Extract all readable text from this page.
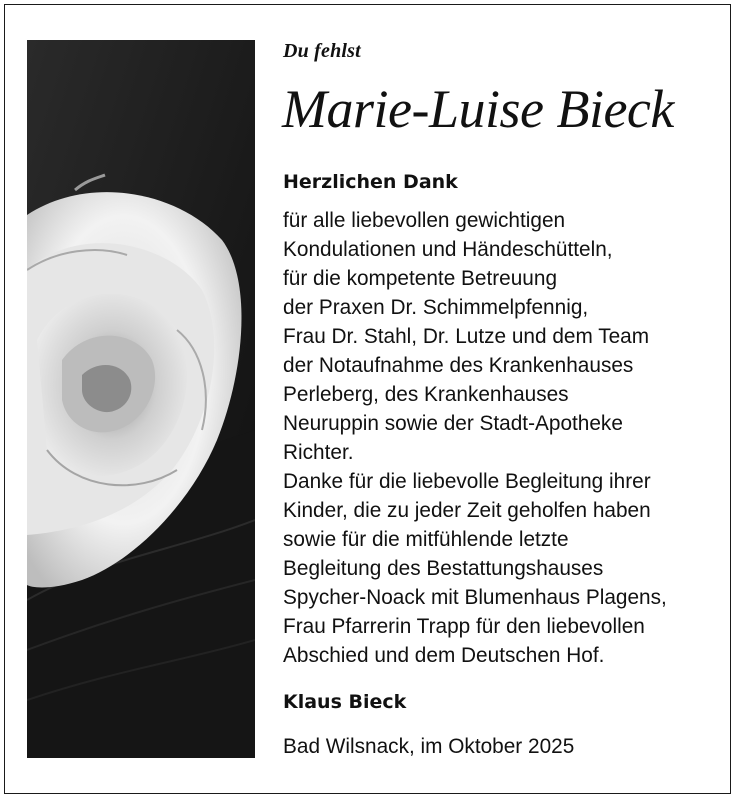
Du fehlst
Marie-Luise Bieck
Herzlichen Dank
für alle liebevollen gewichtigen
Kondulationen und Händeschütteln,
für die kompetente Betreuung
der Praxen Dr. Schimmelpfennig,
Frau Dr. Stahl, Dr. Lutze und dem Team
der Notaufnahme des Krankenhauses
Perleberg, des Krankenhauses
Neuruppin sowie der Stadt-Apotheke
Richter.
Danke für die liebevolle Begleitung ihrer
Kinder, die zu jeder Zeit geholfen haben
sowie für die mitfühlende letzte
Begleitung des Bestattungshauses
Spycher-Noack mit Blumenhaus Plagens,
Frau Pfarrerin Trapp für den liebevollen
Abschied und dem Deutschen Hof.
Klaus Bieck
Bad Wilsnack, im Oktober 2025
